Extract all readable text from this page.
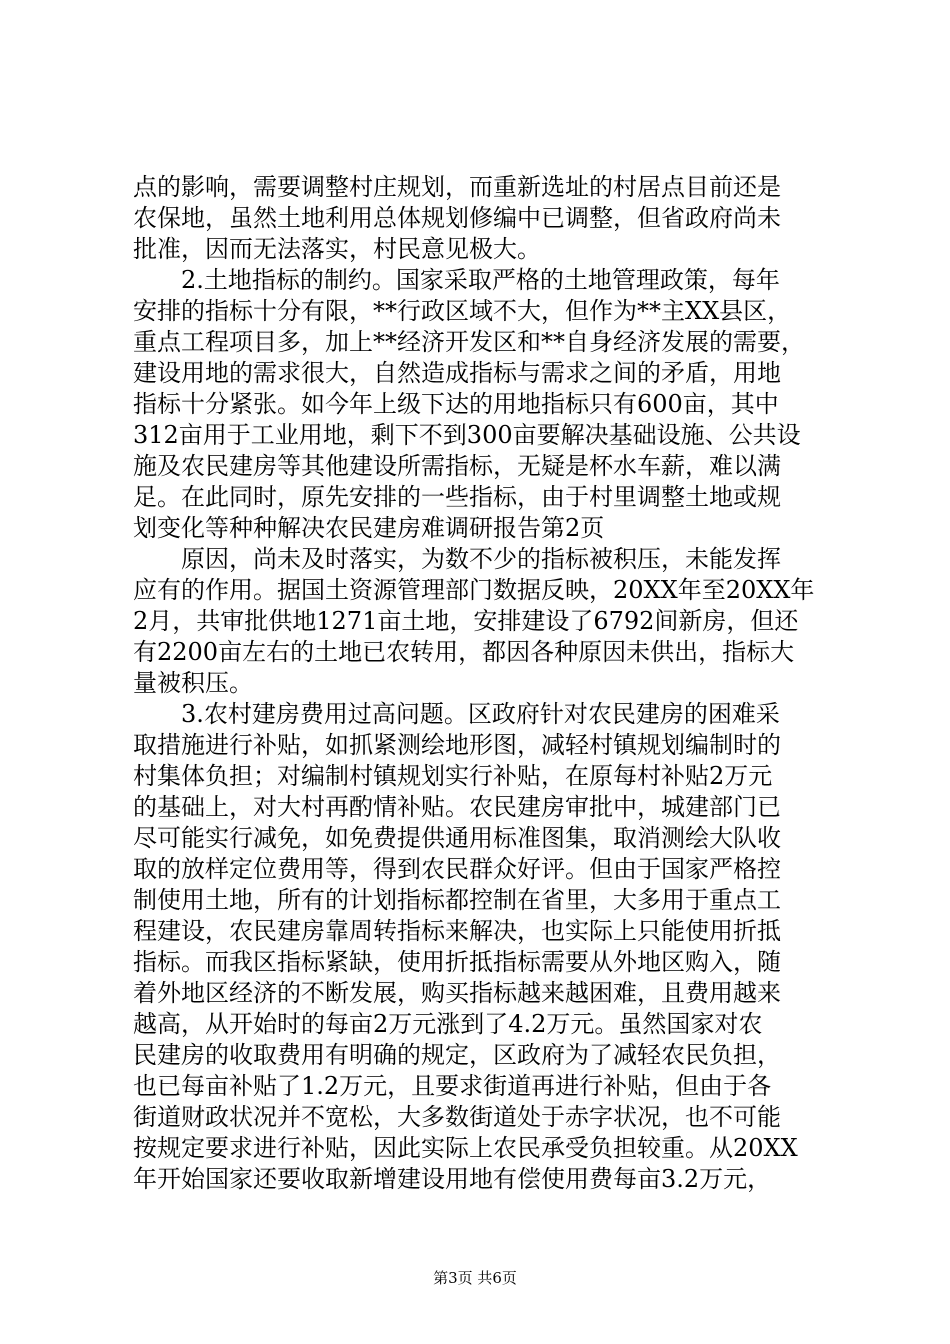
点的影响，需要调整村庄规划，而重新选址的村居点目前还是
农保地，虽然土地利用总体规划修编中已调整，但省政府尚未
批准，因而无法落实，村民意见极大。
2.土地指标的制约。国家采取严格的土地管理政策，每年
安排的指标十分有限，**行政区域不大，但作为**主XX县区，
重点工程项目多，加上**经济开发区和**自身经济发展的需要，
建设用地的需求很大，自然造成指标与需求之间的矛盾，用地
指标十分紧张。如今年上级下达的用地指标只有600亩，其中
312亩用于工业用地，剩下不到300亩要解决基础设施、公共设
施及农民建房等其他建设所需指标，无疑是杯水车薪，难以满
足。在此同时，原先安排的一些指标，由于村里调整土地或规
划变化等种种解决农民建房难调研报告第2页
原因，尚未及时落实，为数不少的指标被积压，未能发挥
应有的作用。据国土资源管理部门数据反映，20XX年至20XX年
2月，共审批供地1271亩土地，安排建设了6792间新房，但还
有2200亩左右的土地已农转用，都因各种原因未供出，指标大
量被积压。
3.农村建房费用过高问题。区政府针对农民建房的困难采
取措施进行补贴，如抓紧测绘地形图，减轻村镇规划编制时的
村集体负担；对编制村镇规划实行补贴，在原每村补贴2万元
的基础上，对大村再酌情补贴。农民建房审批中，城建部门已
尽可能实行减免，如免费提供通用标准图集，取消测绘大队收
取的放样定位费用等，得到农民群众好评。但由于国家严格控
制使用土地，所有的计划指标都控制在省里，大多用于重点工
程建设，农民建房靠周转指标来解决，也实际上只能使用折抵
指标。而我区指标紧缺，使用折抵指标需要从外地区购入，随
着外地区经济的不断发展，购买指标越来越困难，且费用越来
越高，从开始时的每亩2万元涨到了4.2万元。虽然国家对农
民建房的收取费用有明确的规定，区政府为了减轻农民负担，
也已每亩补贴了1.2万元，且要求街道再进行补贴，但由于各
街道财政状况并不宽松，大多数街道处于赤字状况，也不可能
按规定要求进行补贴，因此实际上农民承受负担较重。从20XX
年开始国家还要收取新增建设用地有偿使用费每亩3.2万元，
第3页 共6页
